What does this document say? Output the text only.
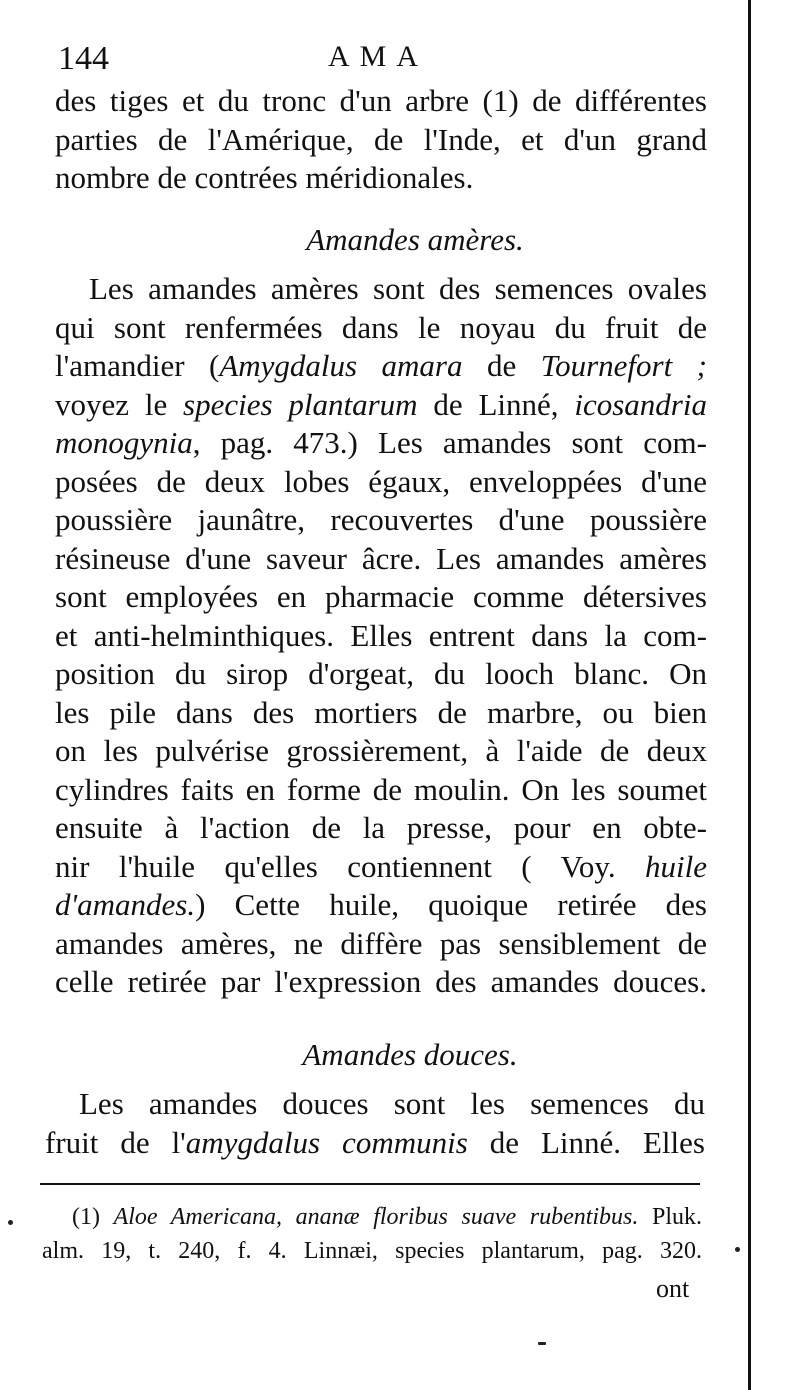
144	AMA
des tiges et du tronc d'un arbre (1) de différentes
parties de l'Amérique, de l'Inde, et d'un grand
nombre de contrées méridionales.
Amandes amères.
Les amandes amères sont des semences ovales
qui sont renfermées dans le noyau du fruit de
l'amandier (Amygdalus amara de Tournefort ;
voyez le species plantarum de Linné, icosandria
monogynia, pag. 473.) Les amandes sont com-
posées de deux lobes égaux, enveloppées d'une
poussière jaunâtre, recouvertes d'une poussière
résineuse d'une saveur âcre. Les amandes amères
sont employées en pharmacie comme détersives
et anti-helminthiques. Elles entrent dans la com-
position du sirop d'orgeat, du looch blanc. On
les pile dans des mortiers de marbre, ou bien
on les pulvérise grossièrement, à l'aide de deux
cylindres faits en forme de moulin. On les soumet
ensuite à l'action de la presse, pour en obte-
nir l'huile qu'elles contiennent ( Voy. huile
d'amandes.) Cette huile, quoique retirée des
amandes amères, ne diffère pas sensiblement de
celle retirée par l'expression des amandes douces.
Amandes douces.
Les amandes douces sont les semences du
fruit de l'amygdalus communis de Linné. Elles
(1) Aloe Americana, ananæ floribus suave rubentibus. Pluk.
alm. 19, t. 240, f. 4. Linnæi, species plantarum, pag. 320.
ont
